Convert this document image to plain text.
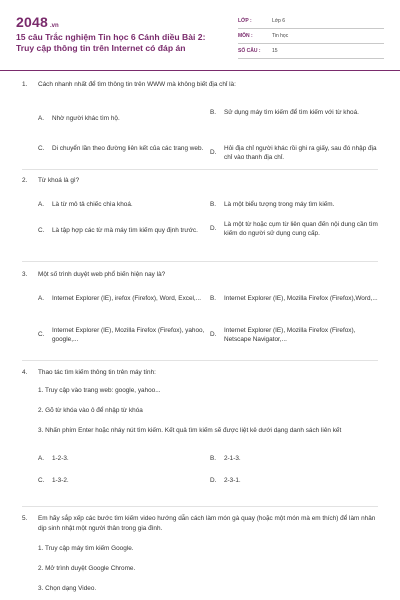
2048 .vn
15 câu Trắc nghiệm Tin học 6 Cánh diều Bài 2: Truy cập thông tin trên Internet có đáp án
LỚP :	Lớp 6
MÔN :	Tin học
SỐ CÂU :	15
1.	Cách nhanh nhất để tìm thông tin trên WWW mà không biết địa chỉ là:
A.	Nhờ người khác tìm hộ.
B.	Sử dụng máy tìm kiếm để tìm kiếm với từ khoá.
C.	Di chuyển lần theo đường liên kết của các trang web.
D.
Hỏi địa chỉ người khác rồi ghi ra giấy, sau đó nhập địa chỉ vào thanh địa chỉ.
2.	Từ khoá là gì?
A.	Là từ mô tả chiếc chìa khoá.	B.	Là một biểu tượng trong máy tìm kiếm.
C.	Là tập hợp các từ mà máy tìm kiếm quy định trước.	D.
Là một từ hoặc cụm từ liên quan đến nội dung cần tìm kiếm do người sử dụng cung cấp.
3.	Một số trình duyệt web phổ biến hiện nay là?
A.	Internet Explorer (IE), irefox (Firefox), Word, Excel,...	B.	Internet Explorer (IE), Mozilla Firefox (Firefox),Word,...
C.
Internet Explorer (IE), Mozilla Firefox (Firefox), yahoo, google,...
D.
Internet Explorer (IE), Mozilla Firefox (Firefox), Netscape Navigator,...
4.	Thao tác tìm kiếm thông tin trên máy tính:
1. Truy cập vào trang web: google, yahoo...
2. Gõ từ khóa vào ô để nhập từ khóa
3. Nhấn phím Enter hoặc nháy nút tìm kiếm. Kết quả tìm kiếm sẽ được liệt kê dưới dạng danh sách liên kết
A.	1-2-3.	B.	2-1-3.
C.	1-3-2.	D.	2-3-1.
5.	Em hãy sắp xếp các bước tìm kiếm video hướng dẫn cách làm món gà quay (hoặc một món mà em thích) để làm nhân dịp sinh nhật một người thân trong gia đình.
1. Truy cập máy tìm kiếm Google.
2. Mở trình duyệt Google Chrome.
3. Chọn dạng Video.
